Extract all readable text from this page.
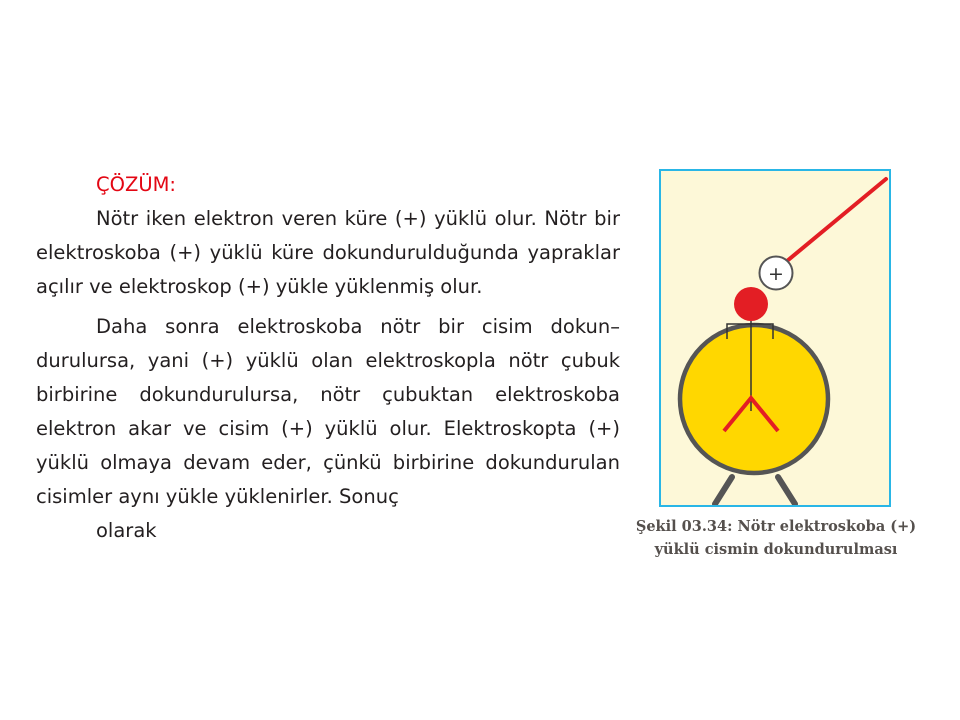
ÇÖZÜM:

Nötr iken elektron veren küre (+) yüklü olur. Nötr bir elektroskoba (+) yüklü küre dokundurulduğunda yapraklar açılır ve elektroskop (+) yükle yüklenmiş olur.

Daha sonra elektroskoba nötr bir cisim dokun–durulursa, yani (+) yüklü olan elektroskopla nötr çubuk birbirine dokundurulursa, nötr çubuktan elektroskoba elektron akar ve cisim (+) yüklü olur. Elektroskopta (+) yüklü olmaya devam eder, çünkü birbirine dokundurulan cisimler aynı yükle yüklenirler. Sonuç
olarak

+
Şekil 03.34: Nötr elektroskoba (+)
yüklü cismin dokundurulması
